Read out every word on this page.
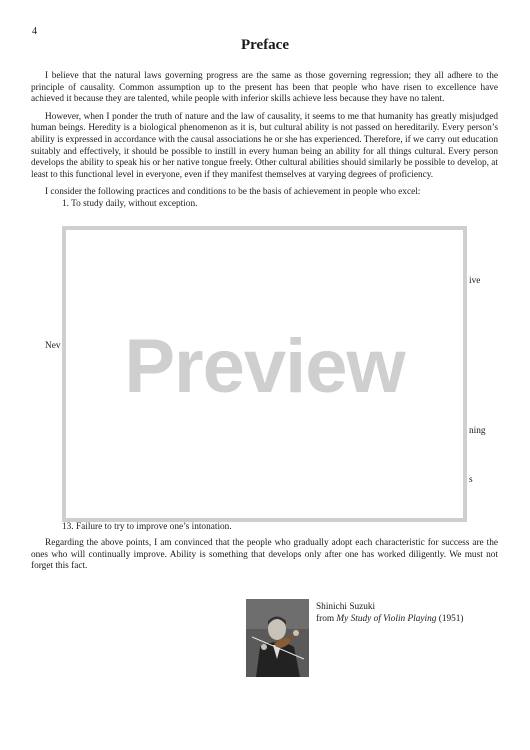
4
Preface

I believe that the natural laws governing progress are the same as those governing regression; they all adhere to the principle of causality. Common assumption up to the present has been that people who have risen to excellence have achieved it because they are talented, while people with inferior skills achieve less because they have no talent.

However, when I ponder the truth of nature and the law of causality, it seems to me that humanity has greatly misjudged human beings. Heredity is a biological phenomenon as it is, but cultural ability is not passed on hereditarily. Every person’s ability is expressed in accordance with the causal associations he or she has experienced. Therefore, if we carry out education suitably and effectively, it should be possible to instill in every human being an ability for all things cultural. Every person develops the ability to speak his or her native tongue freely. Other cultural abilities should similarly be possible to develop, at least to this functional level in everyone, even if they manifest themselves at varying degrees of proficiency.

I consider the following practices and conditions to be the basis of achievement in people who excel:

1. To study daily, without exception.

ive
Nev
ning
s
Preview
13. Failure to try to improve one’s intonation.

Regarding the above points, I am convinced that the people who gradually adopt each characteristic for success are the ones who will continually improve. Ability is something that develops only after one has worked diligently. We must not forget this fact.

Shinichi Suzuki
from My Study of Violin Playing (1951)
